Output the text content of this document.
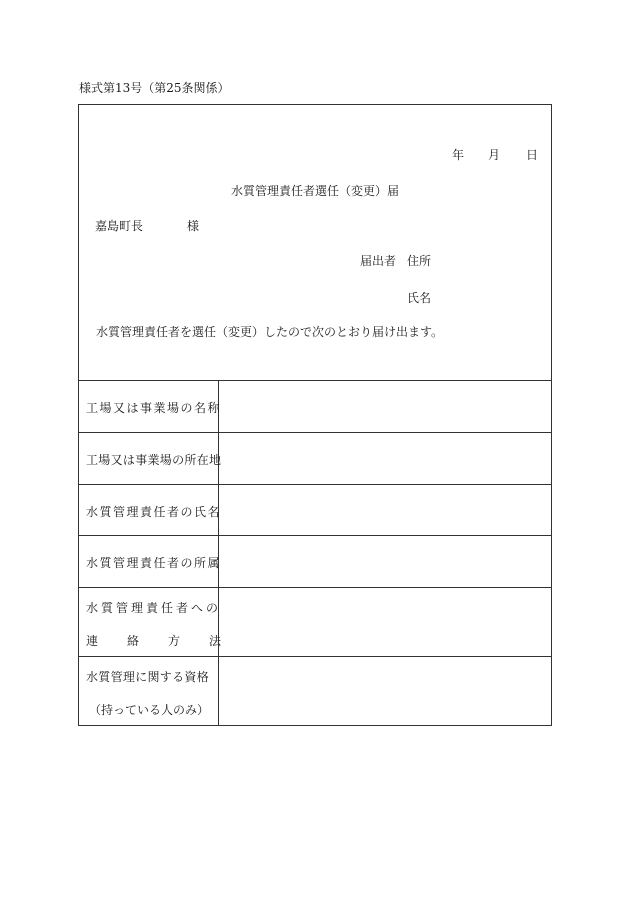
様式第13号（第25条関係）
年 月 日
水質管理責任者選任（変更）届
嘉島町長	様
届出者 住所
氏名
水質管理責任者を選任（変更）したので次のとおり届け出ます。
工場又は事業場の名称
工場又は事業場の所在地
水質管理責任者の氏名
水質管理責任者の所属
水質管理責任者への
連絡方法
水質管理に関する資格
（持っている人のみ）
